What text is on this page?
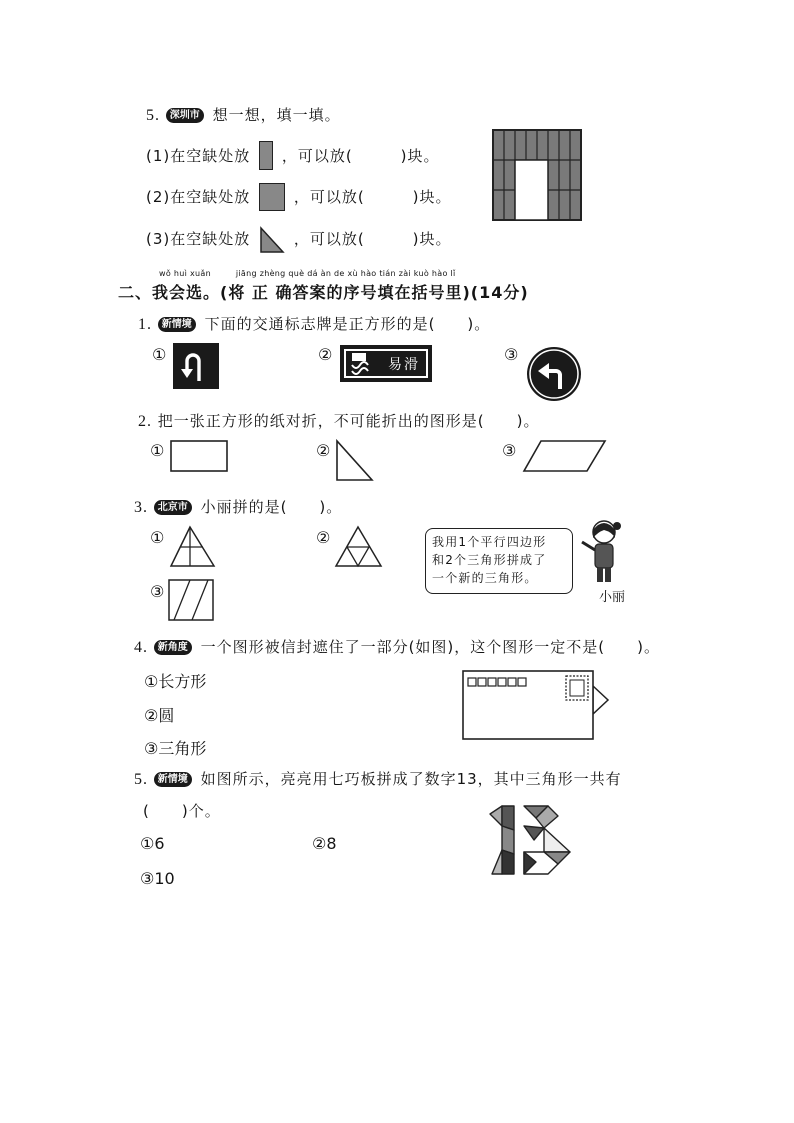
5. 深圳市 想一想，填一填。
(1)在空缺处放 ，可以放(　　　)块。
(2)在空缺处放	，可以放(　　　)块。
(3)在空缺处放	，可以放(　　　)块。
wǒ huì xuǎn　　　jiāng zhèng què dá àn de xù hào tián zài kuò hào lǐ
二、我会选。(将 正 确答案的序号填在括号里)(14分)
1. 新情境 下面的交通标志牌是正方形的是(　　)。
①	②
易滑
③
2. 把一张正方形的纸对折，不可能折出的图形是(　　)。
①	②	③
3. 北京市 小丽拼的是(　　)。
①	②
③
我用1个平行四边形
和2个三角形拼成了
一个新的三角形。
小丽
4. 新角度 一个图形被信封遮住了一部分(如图)，这个图形一定不是(　　)。
①长方形
②圆
③三角形
5. 新情境 如图所示，亮亮用七巧板拼成了数字13，其中三角形一共有
(　　)个。
①6	②8
③10
